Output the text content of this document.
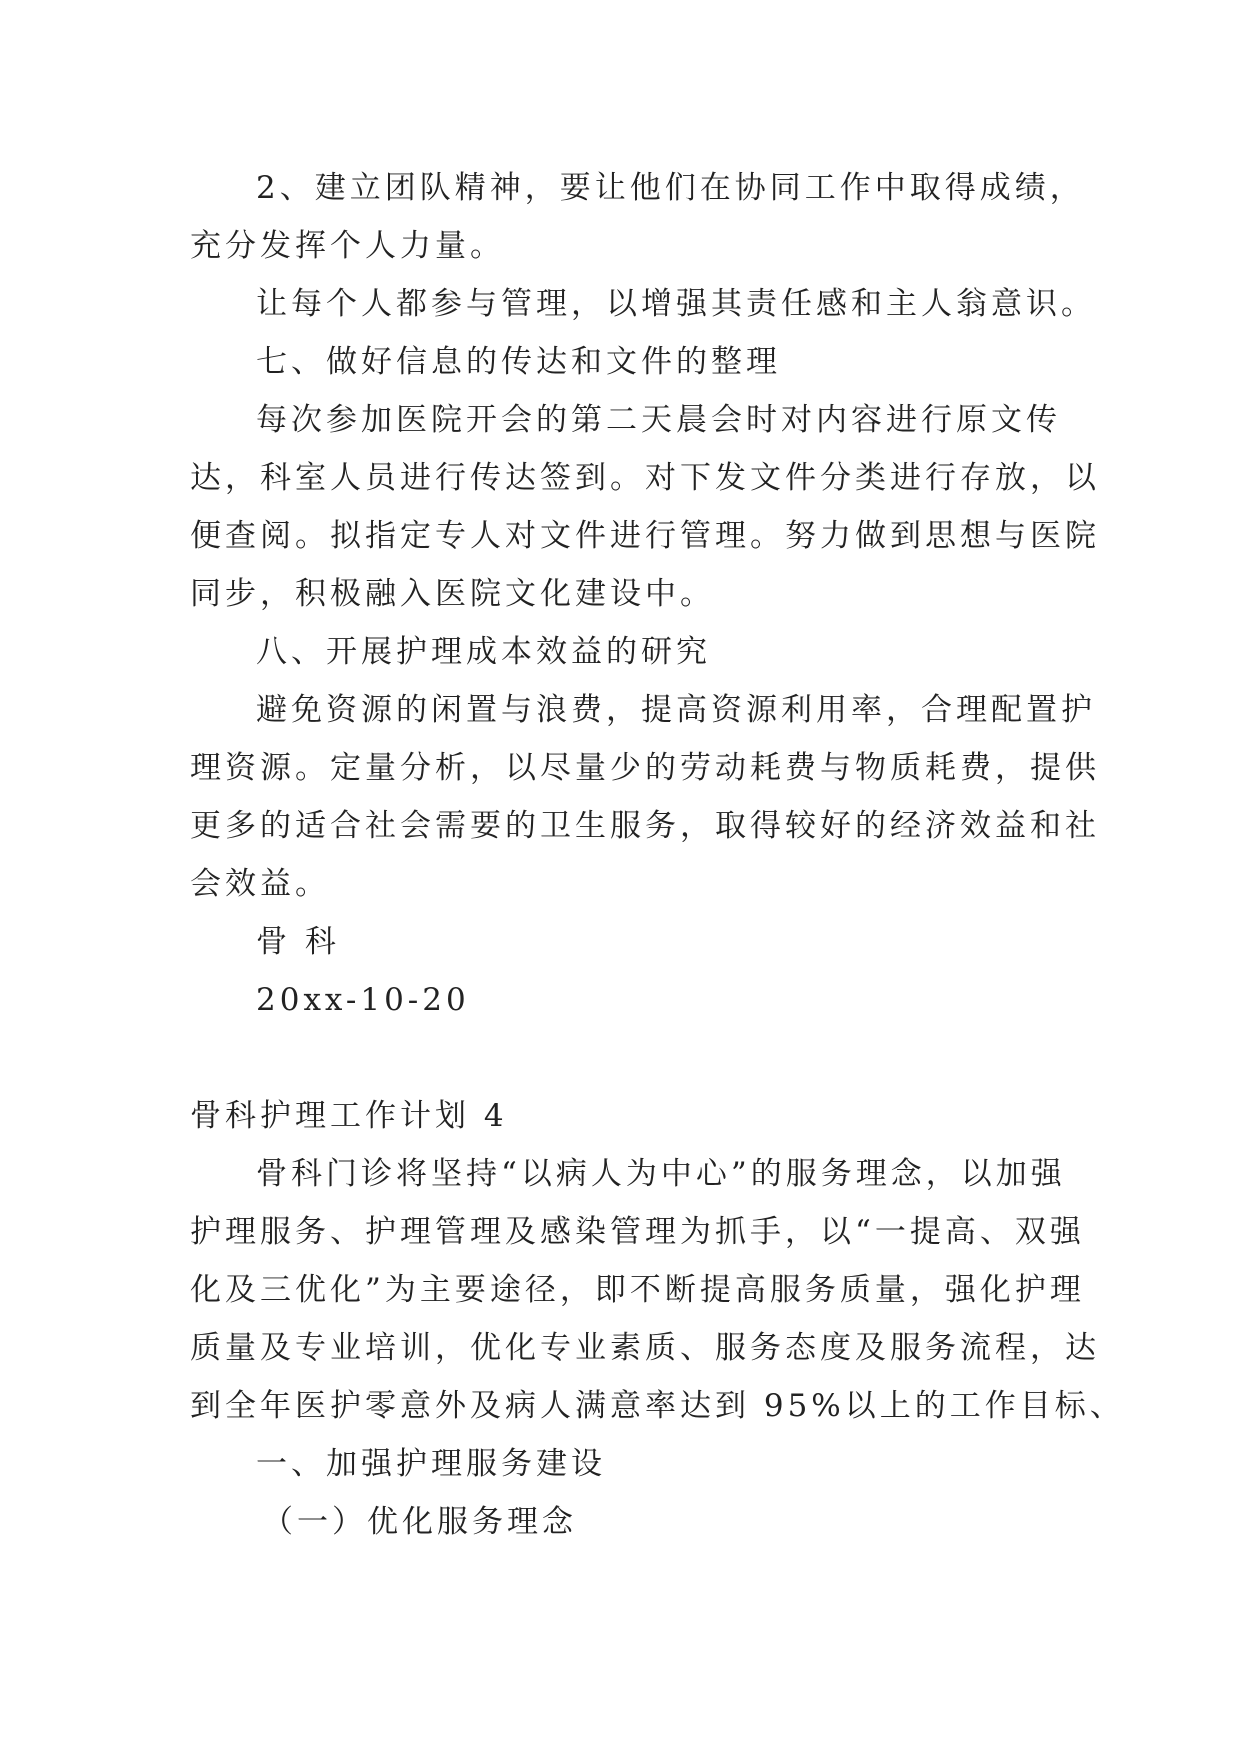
2、建立团队精神，要让他们在协同工作中取得成绩，
充分发挥个人力量。
让每个人都参与管理，以增强其责任感和主人翁意识。
七、做好信息的传达和文件的整理
每次参加医院开会的第二天晨会时对内容进行原文传
达，科室人员进行传达签到。对下发文件分类进行存放，以
便查阅。拟指定专人对文件进行管理。努力做到思想与医院
同步，积极融入医院文化建设中。
八、开展护理成本效益的研究
避免资源的闲置与浪费，提高资源利用率，合理配置护
理资源。定量分析，以尽量少的劳动耗费与物质耗费，提供
更多的适合社会需要的卫生服务，取得较好的经济效益和社
会效益。
骨 科
20xx-10-20
骨科护理工作计划 4
骨科门诊将坚持“以病人为中心”的服务理念，以加强
护理服务、护理管理及感染管理为抓手，以“一提高、双强
化及三优化”为主要途径，即不断提高服务质量，强化护理
质量及专业培训，优化专业素质、服务态度及服务流程，达
到全年医护零意外及病人满意率达到 95%以上的工作目标、
一、加强护理服务建设
（一）优化服务理念
